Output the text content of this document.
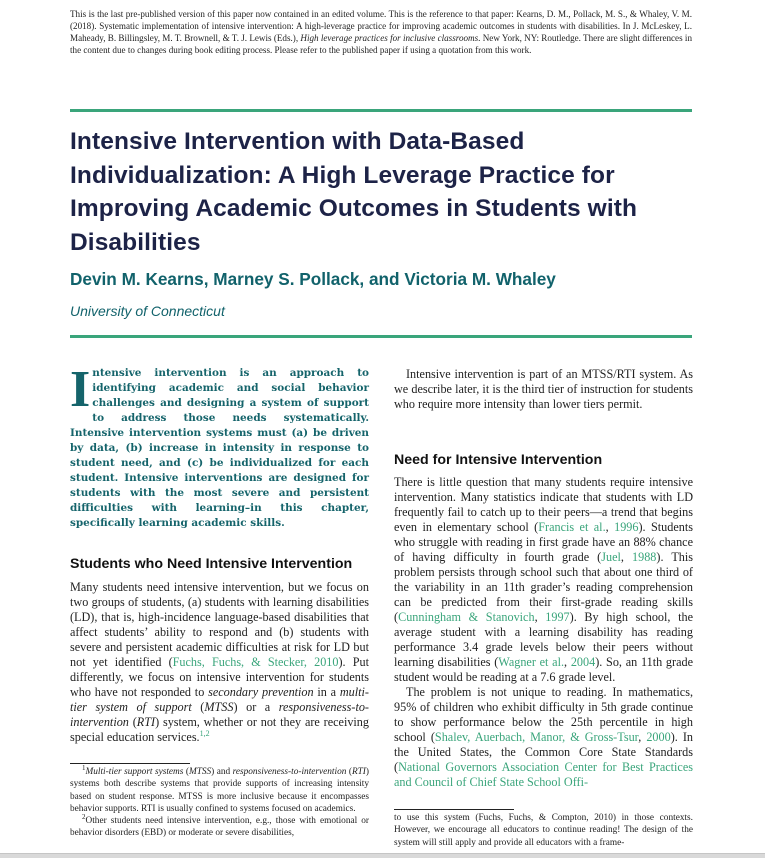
This is the last pre-published version of this paper now contained in an edited volume. This is the reference to that paper: Kearns, D. M., Pollack, M. S., & Whaley, V. M. (2018). Systematic implementation of intensive intervention: A high-leverage practice for improving academic outcomes in students with disabilities. In J. McLeskey, L. Maheady, B. Billingsley, M. T. Brownell, & T. J. Lewis (Eds.), High leverage practices for inclusive classrooms. New York, NY: Routledge. There are slight differences in the content due to changes during book editing process. Please refer to the published paper if using a quotation from this work.
Intensive Intervention with Data-Based Individualization: A High Leverage Practice for Improving Academic Outcomes in Students with Disabilities
Devin M. Kearns, Marney S. Pollack, and Victoria M. Whaley
University of Connecticut
Intensive intervention is an approach to identifying academic and social behavior challenges and designing a system of support to address those needs systematically. Intensive intervention systems must (a) be driven by data, (b) increase in intensity in response to student need, and (c) be individualized for each student. Intensive interventions are designed for students with the most severe and persistent difficulties with learning–in this chapter, specifically learning academic skills.
Students who Need Intensive Intervention

Many students need intensive intervention, but we focus on two groups of students, (a) students with learning disabilities (LD), that is, high-incidence language-based disabilities that affect students’ ability to respond and (b) students with severe and persistent academic difficulties at risk for LD but not yet identified (Fuchs, Fuchs, & Stecker, 2010). Put differently, we focus on intensive intervention for students who have not responded to secondary prevention in a multi-tier system of support (MTSS) or a responsiveness-to-intervention (RTI) system, whether or not they are receiving special education services.$^{1,2}$

$^1$Multi-tier support systems (MTSS) and responsiveness-to-intervention (RTI) systems both describe systems that provide supports of increasing intensity based on student response. MTSS is more inclusive because it encompasses behavior supports. RTI is usually confined to systems focused on academics.
$^2$Other students need intensive intervention, e.g., those with emotional or behavior disorders (EBD) or moderate or severe disabilities,

Intensive intervention is part of an MTSS/RTI system. As we describe later, it is the third tier of instruction for students who require more intensity than lower tiers permit.

Need for Intensive Intervention

There is little question that many students require intensive intervention. Many statistics indicate that students with LD frequently fail to catch up to their peers—a trend that begins even in elementary school (Francis et al., 1996). Students who struggle with reading in first grade have an 88% chance of having difficulty in fourth grade (Juel, 1988). This problem persists through school such that about one third of the variability in an 11th grader’s reading comprehension can be predicted from their first-grade reading skills (Cunningham & Stanovich, 1997). By high school, the average student with a learning disability has reading performance 3.4 grade levels below their peers without learning disabilities (Wagner et al., 2004). So, an 11th grade student would be reading at a 7.6 grade level.

The problem is not unique to reading. In mathematics, 95% of children who exhibit difficulty in 5th grade continue to show performance below the 25th percentile in high school (Shalev, Auerbach, Manor, & Gross-Tsur, 2000). In the United States, the Common Core State Standards (National Governors Association Center for Best Practices and Council of Chief State School Offi-

to use this system (Fuchs, Fuchs, & Compton, 2010) in those contexts. However, we encourage all educators to continue reading! The design of the system will still apply and provide all educators with a frame-
